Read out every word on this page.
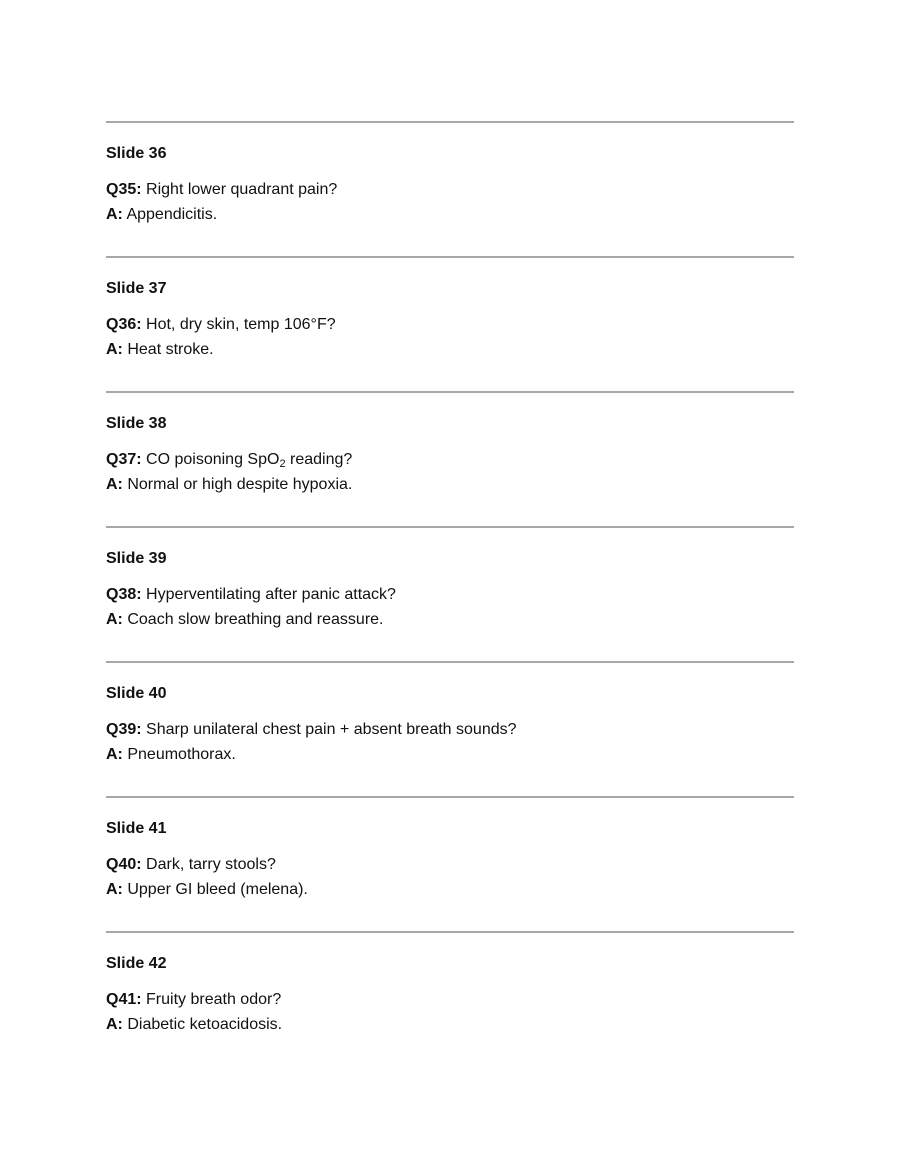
Slide 36
Q35: Right lower quadrant pain?
A: Appendicitis.
Slide 37
Q36: Hot, dry skin, temp 106°F?
A: Heat stroke.
Slide 38
Q37: CO poisoning SpO$_2$ reading?
A: Normal or high despite hypoxia.
Slide 39
Q38: Hyperventilating after panic attack?
A: Coach slow breathing and reassure.
Slide 40
Q39: Sharp unilateral chest pain + absent breath sounds?
A: Pneumothorax.
Slide 41
Q40: Dark, tarry stools?
A: Upper GI bleed (melena).
Slide 42
Q41: Fruity breath odor?
A: Diabetic ketoacidosis.
